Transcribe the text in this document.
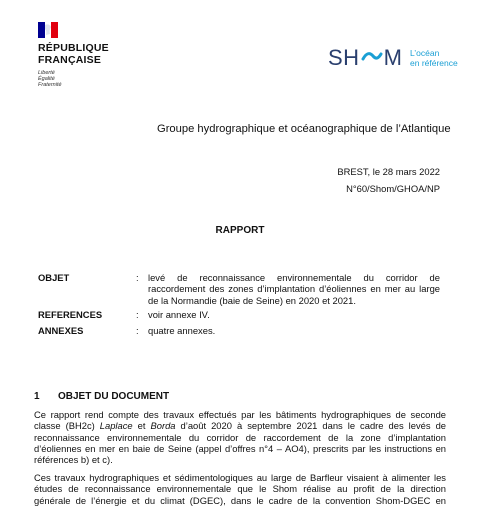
RÉPUBLIQUE
FRANÇAISE
Liberté
Égalité
Fraternité
SH M L’océan
en référence
Groupe hydrographique et océanographique de l’Atlantique
BREST, le 28 mars 2022
N°60/Shom/GHOA/NP
RAPPORT
OBJET	: levé de reconnaissance environnementale du corridor de
raccordement des zones d’implantation d’éoliennes en mer au large
de la Normandie (baie de Seine) en 2020 et 2021.
REFERENCES	: voir annexe IV.
ANNEXES	: quatre annexes.
1 OBJET DU DOCUMENT
Ce rapport rend compte des travaux effectués par les bâtiments hydrographiques de seconde
classe (BH2c) Laplace et Borda d’août 2020 à septembre 2021 dans le cadre des levés de
reconnaissance environnementale du corridor de raccordement de la zone d’implantation
d’éoliennes en mer en baie de Seine (appel d’offres n°4 – AO4), prescrits par les instructions en
références b) et c).
Ces travaux hydrographiques et sédimentologiques au large de Barfleur visaient à alimenter les
études de reconnaissance environnementale que le Shom réalise au profit de la direction
générale de l’énergie et du climat (DGEC), dans le cadre de la convention Shom-DGEC en
